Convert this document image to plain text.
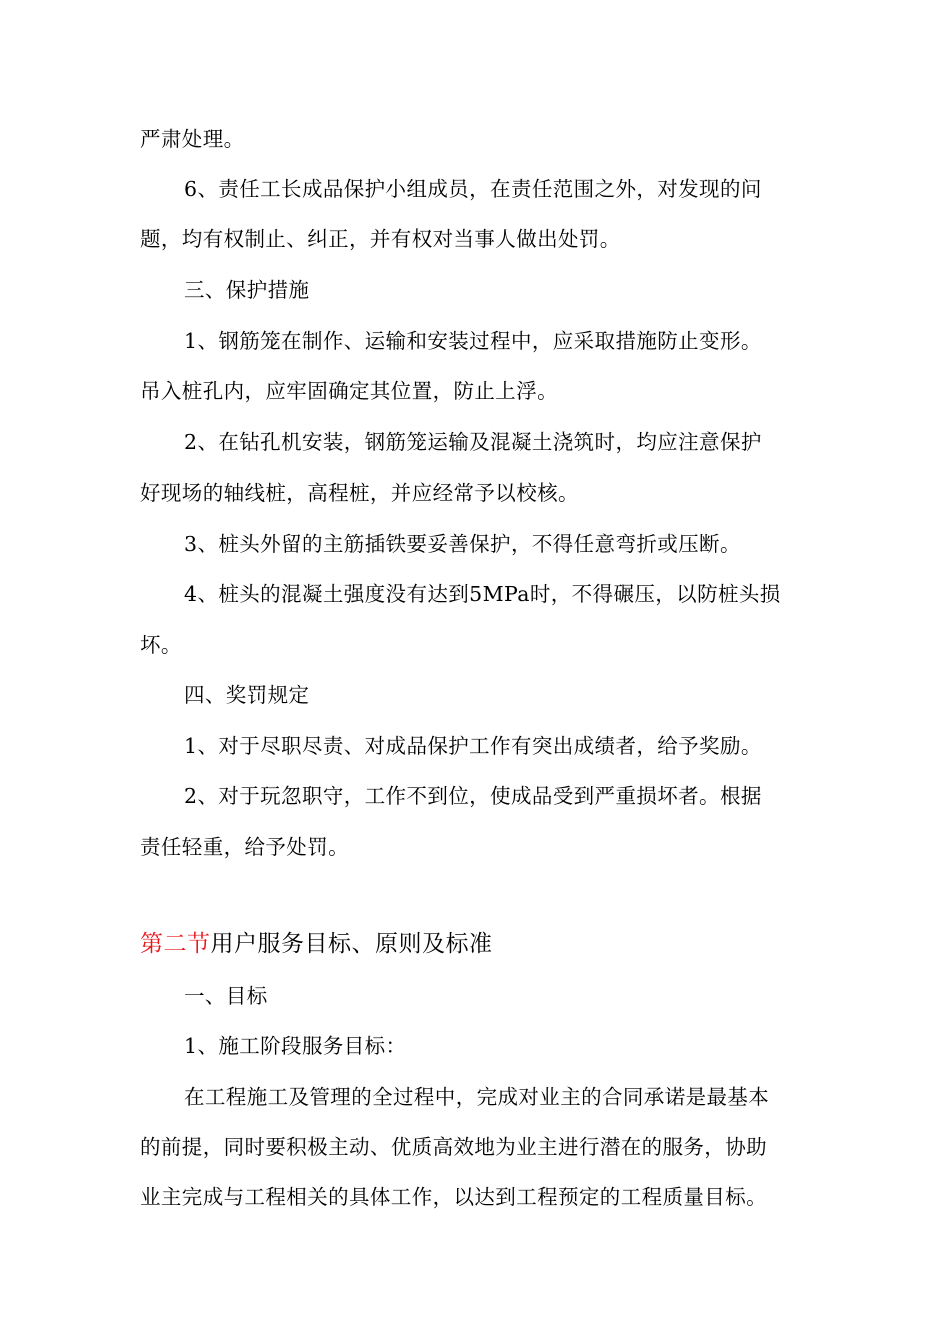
严肃处理。
6、责任工长成品保护小组成员，在责任范围之外，对发现的问
题，均有权制止、纠正，并有权对当事人做出处罚。
三、保护措施
1、钢筋笼在制作、运输和安装过程中，应采取措施防止变形。
吊入桩孔内，应牢固确定其位置，防止上浮。
2、在钻孔机安装，钢筋笼运输及混凝土浇筑时，均应注意保护
好现场的轴线桩，高程桩，并应经常予以校核。
3、桩头外留的主筋插铁要妥善保护，不得任意弯折或压断。
4、桩头的混凝土强度没有达到5MPa时，不得碾压，以防桩头损
坏。
四、奖罚规定
1、对于尽职尽责、对成品保护工作有突出成绩者，给予奖励。
2、对于玩忽职守，工作不到位，使成品受到严重损坏者。根据
责任轻重，给予处罚。
第二节用户服务目标、原则及标准
一、目标
1、施工阶段服务目标：
在工程施工及管理的全过程中，完成对业主的合同承诺是最基本
的前提，同时要积极主动、优质高效地为业主进行潜在的服务，协助
业主完成与工程相关的具体工作，以达到工程预定的工程质量目标。
